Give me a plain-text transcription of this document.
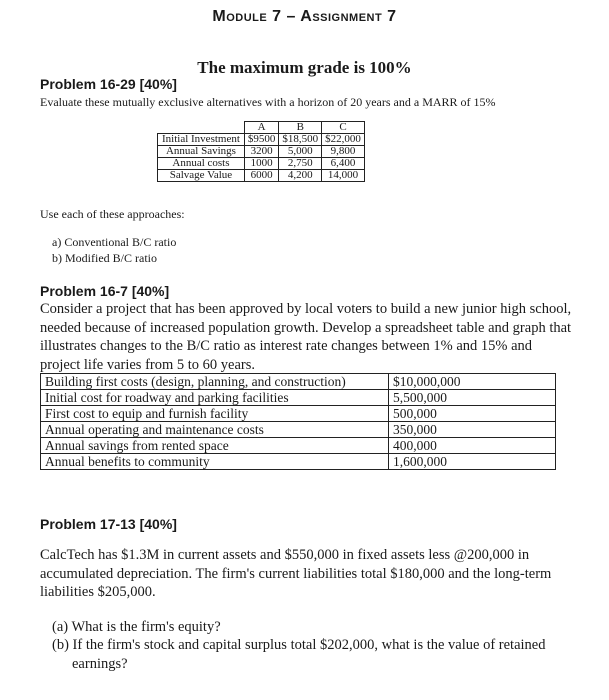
Module 7 – Assignment 7
The maximum grade is 100%
Problem 16-29 [40%]
Evaluate these mutually exclusive alternatives with a horizon of 20 years and a MARR of 15%
	A	B	C
Initial Investment	$9500	$18,500	$22,000
Annual Savings	3200	5,000	9,800
Annual costs	1000	2,750	6,400
Salvage Value	6000	4,200	14,000
Use each of these approaches:
a) Conventional B/C ratio
b) Modified B/C ratio
Problem 16-7 [40%]
Consider a project that has been approved by local voters to build a new junior high school, needed because of increased population growth. Develop a spreadsheet table and graph that illustrates changes to the B/C ratio as interest rate changes between 1% and 15% and project life varies from 5 to 60 years.
Building first costs (design, planning, and construction)	$10,000,000
Initial cost for roadway and parking facilities	5,500,000
First cost to equip and furnish facility	500,000
Annual operating and maintenance costs	350,000
Annual savings from rented space	400,000
Annual benefits to community	1,600,000
Problem 17-13 [40%]
CalcTech has $1.3M in current assets and $550,000 in fixed assets less @200,000 in accumulated depreciation. The firm's current liabilities total $180,000 and the long-term liabilities $205,000.
(a) What is the firm's equity?
(b) If the firm's stock and capital surplus total $202,000, what is the value of retained earnings?
